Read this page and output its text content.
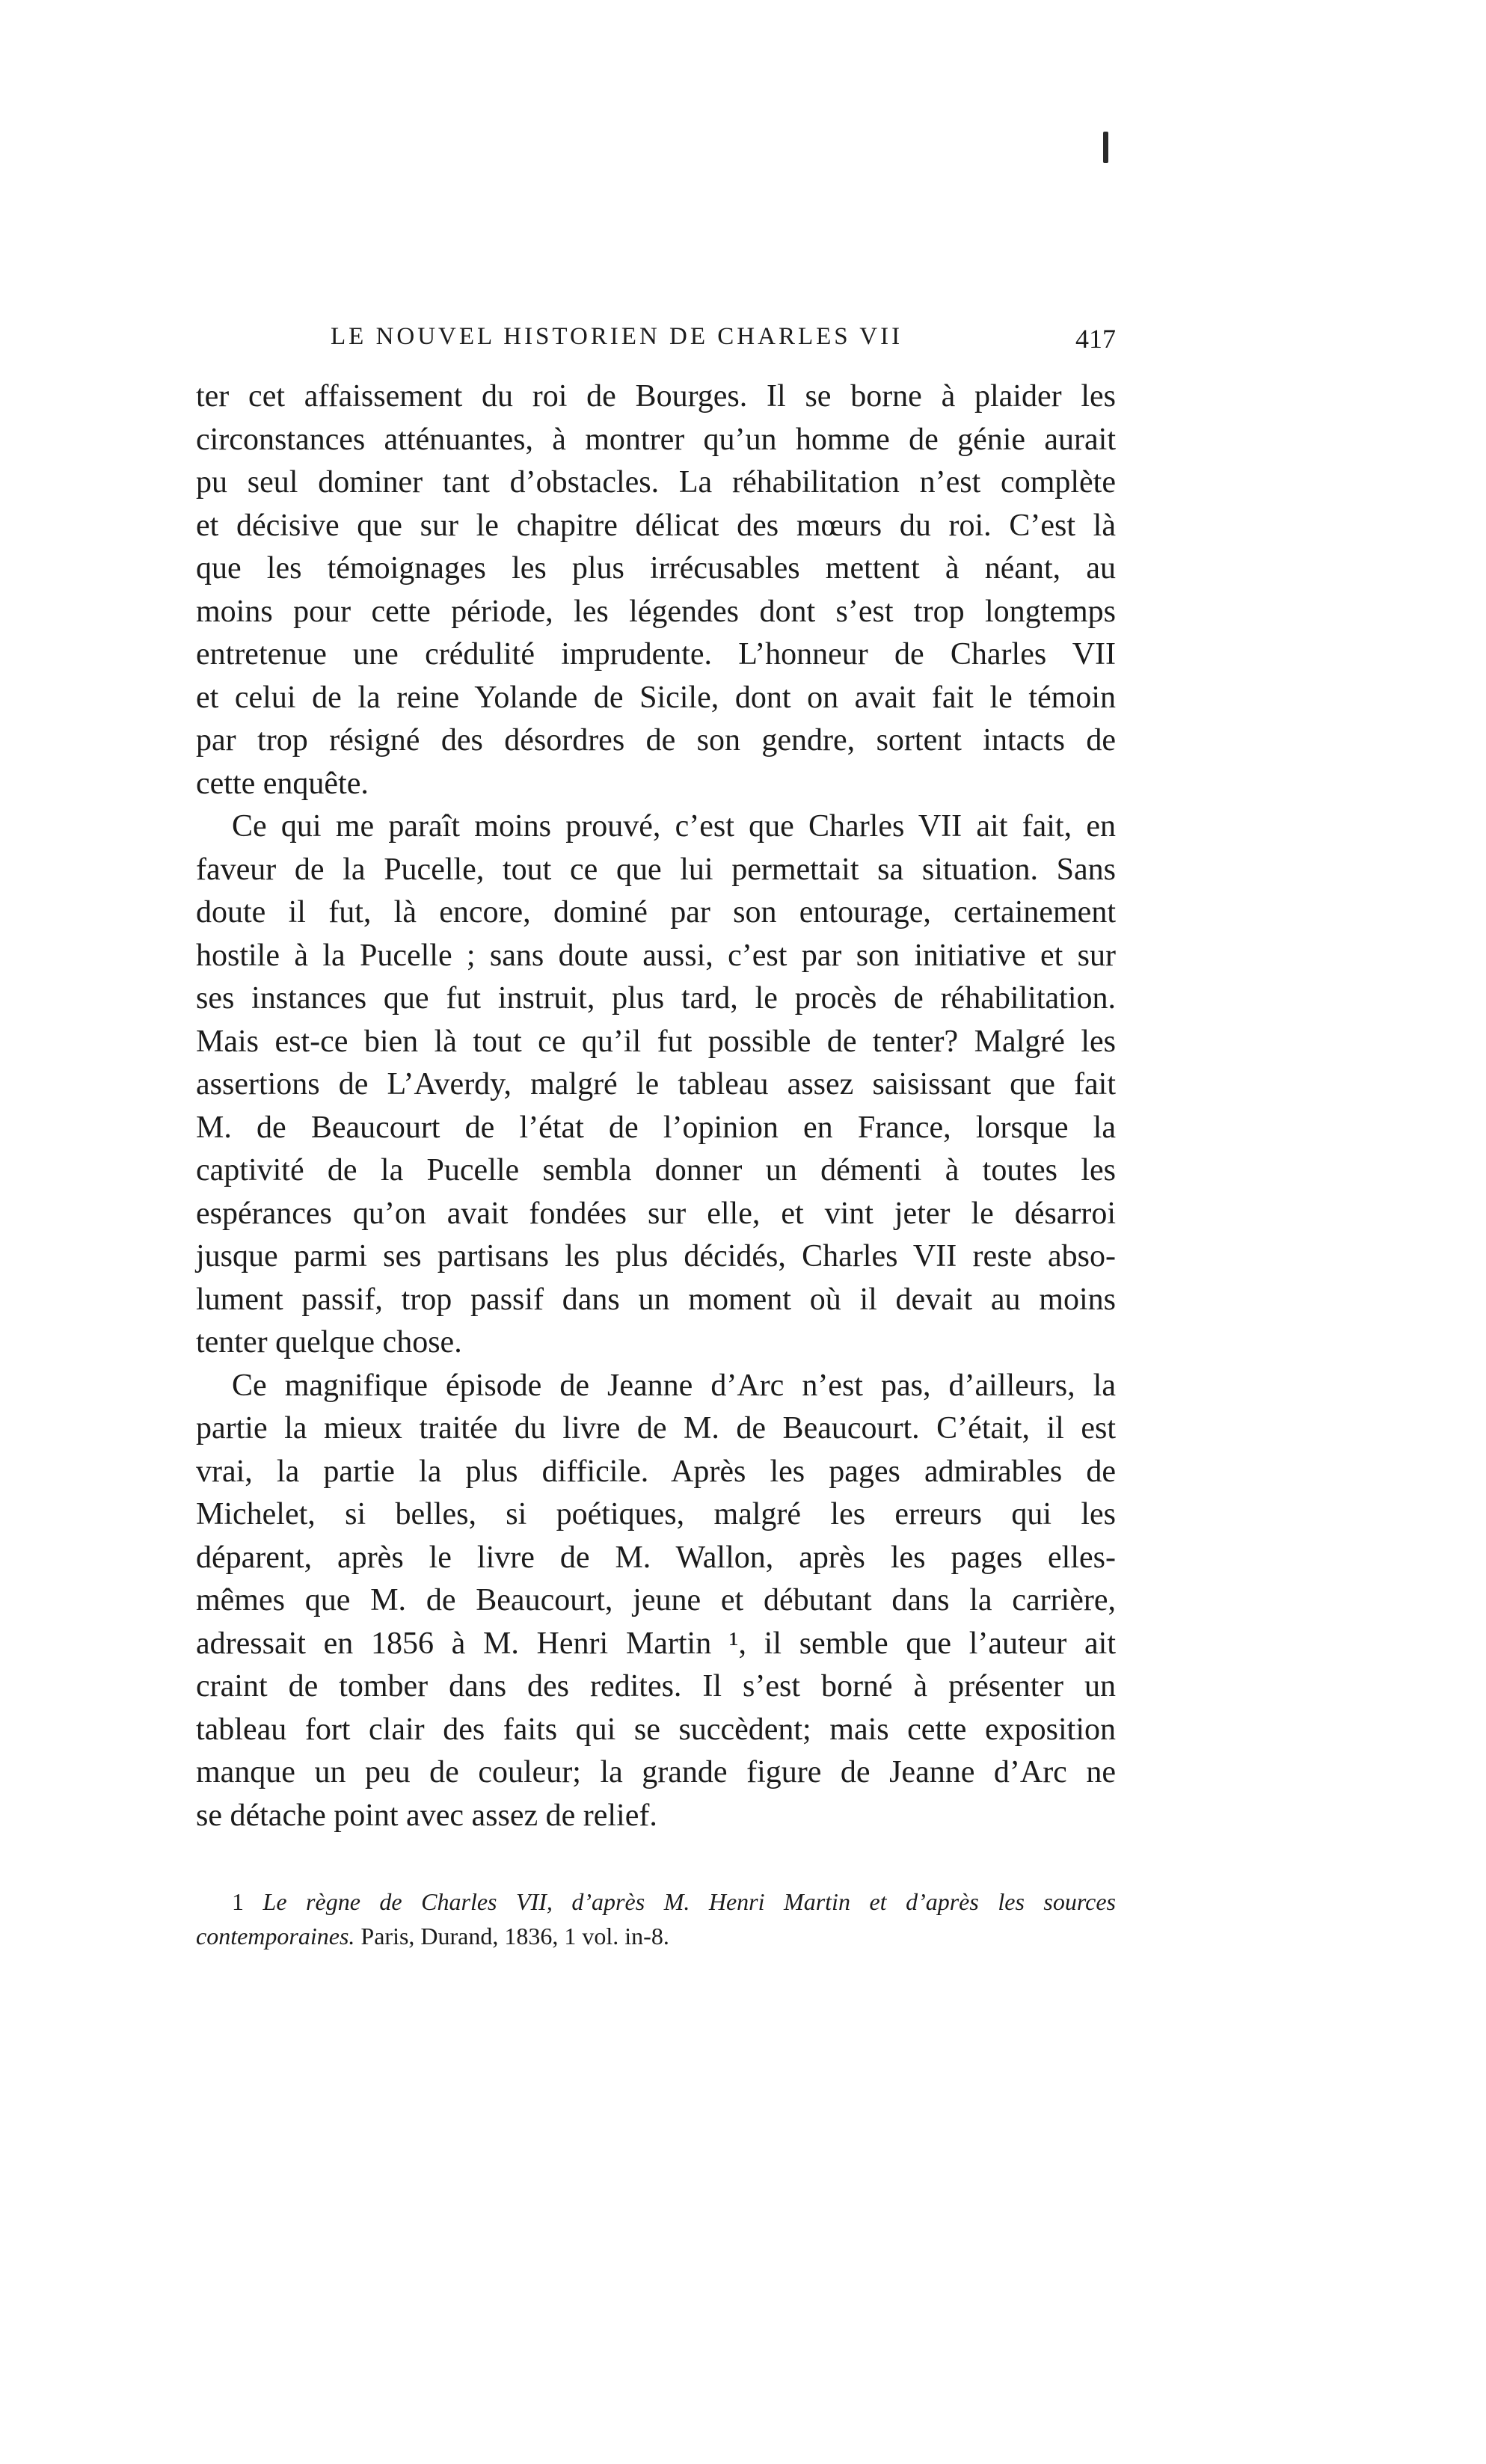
LE NOUVEL HISTORIEN DE CHARLES VII	417
ter cet affaissement du roi de Bourges. Il se borne à plaider les
circonstances atténuantes, à montrer qu’un homme de génie aurait
pu seul dominer tant d’obstacles. La réhabilitation n’est complète
et décisive que sur le chapitre délicat des mœurs du roi. C’est là
que les témoignages les plus irrécusables mettent à néant, au
moins pour cette période, les légendes dont s’est trop longtemps
entretenue une crédulité imprudente. L’honneur de Charles VII
et celui de la reine Yolande de Sicile, dont on avait fait le témoin
par trop résigné des désordres de son gendre, sortent intacts de
cette enquête.
Ce qui me paraît moins prouvé, c’est que Charles VII ait fait, en
faveur de la Pucelle, tout ce que lui permettait sa situation. Sans
doute il fut, là encore, dominé par son entourage, certainement
hostile à la Pucelle ; sans doute aussi, c’est par son initiative et sur
ses instances que fut instruit, plus tard, le procès de réhabilitation.
Mais est-ce bien là tout ce qu’il fut possible de tenter? Malgré les
assertions de L’Averdy, malgré le tableau assez saisissant que fait
M. de Beaucourt de l’état de l’opinion en France, lorsque la
captivité de la Pucelle sembla donner un démenti à toutes les
espérances qu’on avait fondées sur elle, et vint jeter le désarroi
jusque parmi ses partisans les plus décidés, Charles VII reste abso-
lument passif, trop passif dans un moment où il devait au moins
tenter quelque chose.
Ce magnifique épisode de Jeanne d’Arc n’est pas, d’ailleurs, la
partie la mieux traitée du livre de M. de Beaucourt. C’était, il est
vrai, la partie la plus difficile. Après les pages admirables de
Michelet, si belles, si poétiques, malgré les erreurs qui les
déparent, après le livre de M. Wallon, après les pages elles-
mêmes que M. de Beaucourt, jeune et débutant dans la carrière,
adressait en 1856 à M. Henri Martin ¹, il semble que l’auteur ait
craint de tomber dans des redites. Il s’est borné à présenter un
tableau fort clair des faits qui se succèdent; mais cette exposition
manque un peu de couleur; la grande figure de Jeanne d’Arc ne
se détache point avec assez de relief.
1 Le règne de Charles VII, d’après M. Henri Martin et d’après les sources
contemporaines. Paris, Durand, 1836, 1 vol. in-8.
